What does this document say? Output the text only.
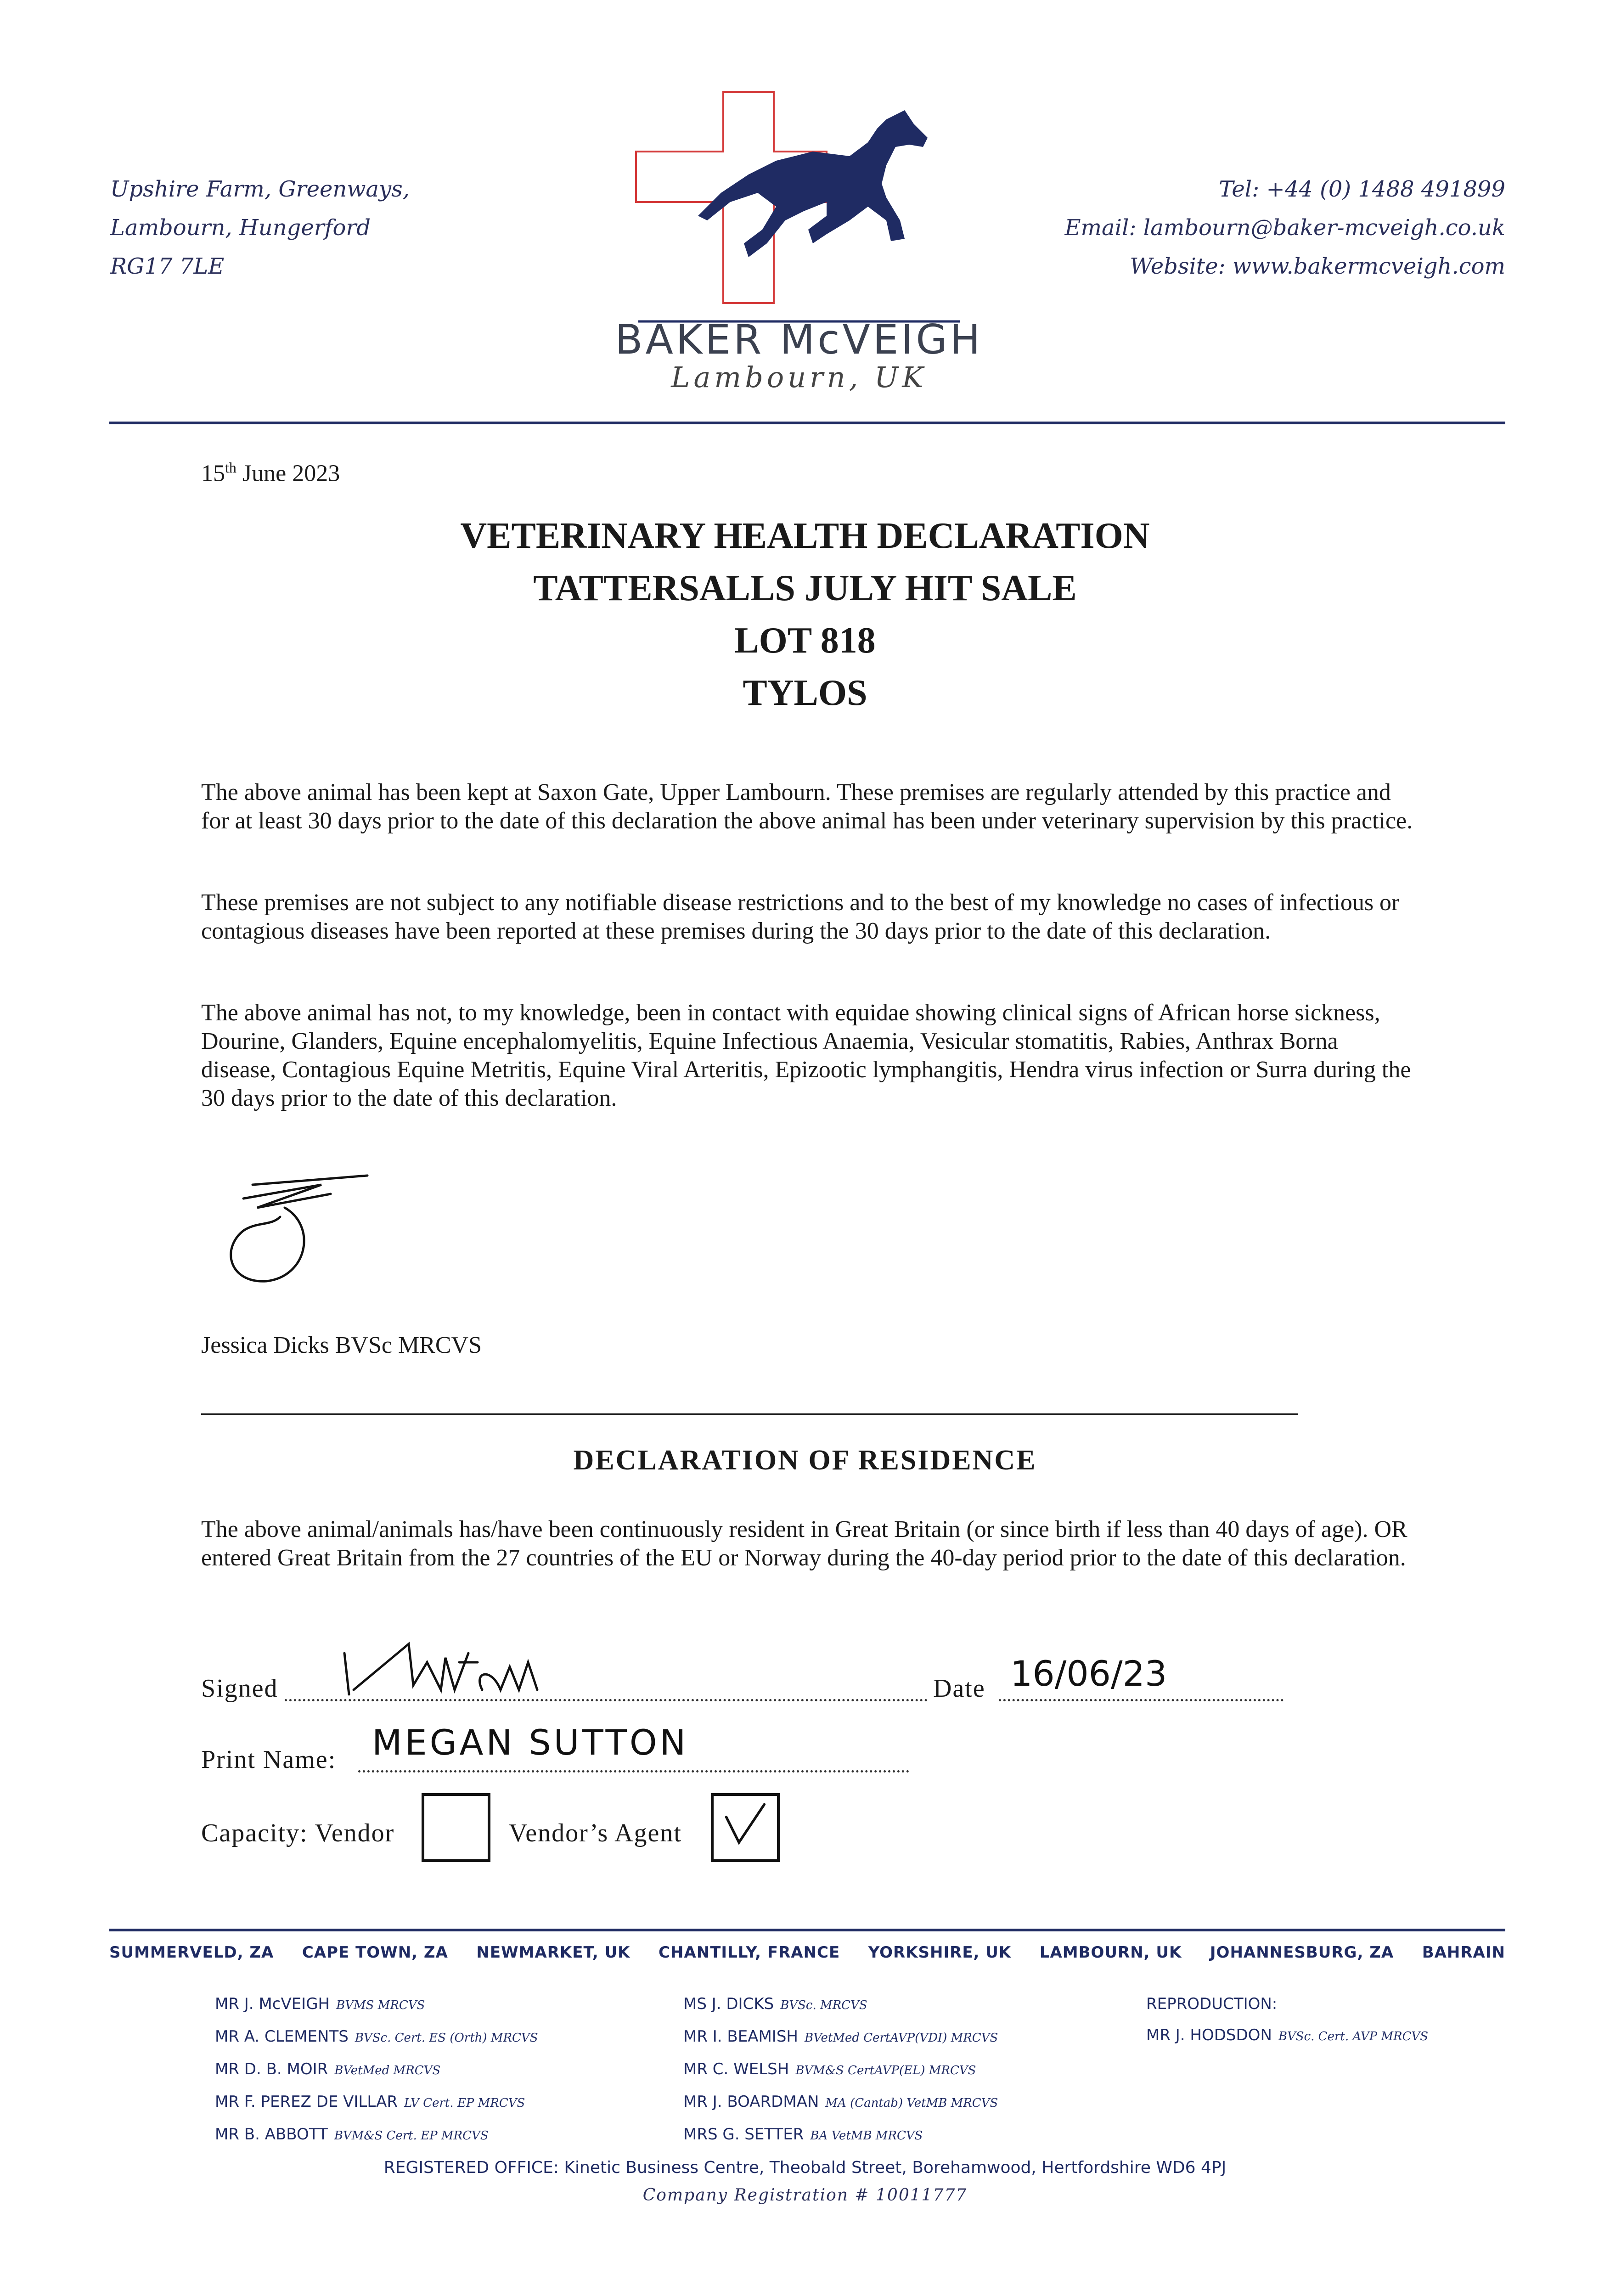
Upshire Farm, Greenways,
Lambourn, Hungerford
RG17 7LE
BAKER McVEIGH
Lambourn, UK
Tel: +44 (0) 1488 491899
Email: lambourn@baker-mcveigh.co.uk
Website: www.bakermcveigh.com
15th June 2023
VETERINARY HEALTH DECLARATION
TATTERSALLS JULY HIT SALE
LOT 818
TYLOS
The above animal has been kept at Saxon Gate, Upper Lambourn. These premises are regularly attended by this practice and for at least 30 days prior to the date of this declaration the above animal has been under veterinary supervision by this practice.
These premises are not subject to any notifiable disease restrictions and to the best of my knowledge no cases of infectious or contagious diseases have been reported at these premises during the 30 days prior to the date of this declaration.
The above animal has not, to my knowledge, been in contact with equidae showing clinical signs of African horse sickness, Dourine, Glanders, Equine encephalomyelitis, Equine Infectious Anaemia, Vesicular stomatitis, Rabies, Anthrax Borna disease, Contagious Equine Metritis, Equine Viral Arteritis, Epizootic lymphangitis, Hendra virus infection or Surra during the 30 days prior to the date of this declaration.
Jessica Dicks BVSc MRCVS
DECLARATION OF RESIDENCE
The above animal/animals has/have been continuously resident in Great Britain (or since birth if less than 40 days of age). OR entered Great Britain from the 27 countries of the EU or Norway during the 40-day period prior to the date of this declaration.
Signed	Date 16/06/23
Print Name: MEGAN SUTTON
Capacity: Vendor	Vendor’s Agent
SUMMERVELD, ZA CAPE TOWN, ZA NEWMARKET, UK CHANTILLY, FRANCE YORKSHIRE, UK LAMBOURN, UK JOHANNESBURG, ZA BAHRAIN
MR J. McVEIGH BVMS MRCVS
MR A. CLEMENTS BVSc. Cert. ES (Orth) MRCVS
MR D. B. MOIR BVetMed MRCVS
MR F. PEREZ DE VILLAR LV Cert. EP MRCVS
MR B. ABBOTT BVM&S Cert. EP MRCVS
MS J. DICKS BVSc. MRCVS
MR I. BEAMISH BVetMed CertAVP(VDI) MRCVS
MR C. WELSH BVM&S CertAVP(EL) MRCVS
MR J. BOARDMAN MA (Cantab) VetMB MRCVS
MRS G. SETTER BA VetMB MRCVS
REPRODUCTION:
MR J. HODSDON BVSc. Cert. AVP MRCVS
REGISTERED OFFICE: Kinetic Business Centre, Theobald Street, Borehamwood, Hertfordshire WD6 4PJ
Company Registration # 10011777
